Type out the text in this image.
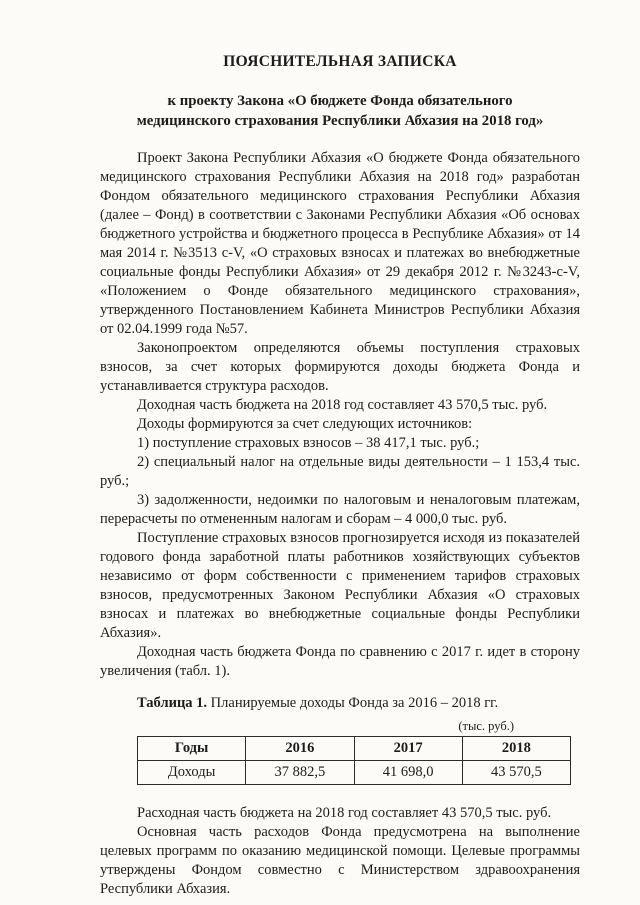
ПОЯСНИТЕЛЬНАЯ ЗАПИСКА
к проекту Закона «О бюджете Фонда обязательного
медицинского страхования Республики Абхазия на 2018 год»

Проект Закона Республики Абхазия «О бюджете Фонда обязательного медицинского страхования Республики Абхазия на 2018 год» разработан Фондом обязательного медицинского страхования Республики Абхазия (далее – Фонд) в соответствии с Законами Республики Абхазия «Об основах бюджетного устройства и бюджетного процесса в Республике Абхазия» от 14 мая 2014 г. №3513 с-V, «О страховых взносах и платежах во внебюджетные социальные фонды Республики Абхазия» от 29 декабря 2012 г. №3243-с-V, «Положением о Фонде обязательного медицинского страхования», утвержденного Постановлением Кабинета Министров Республики Абхазия от 02.04.1999 года №57.

Законопроектом определяются объемы поступления страховых взносов, за счет которых формируются доходы бюджета Фонда и устанавливается структура расходов.

Доходная часть бюджета на 2018 год составляет 43 570,5 тыс. руб.

Доходы формируются за счет следующих источников:

1) поступление страховых взносов – 38 417,1 тыс. руб.;

2) специальный налог на отдельные виды деятельности – 1 153,4 тыс. руб.;

3) задолженности, недоимки по налоговым и неналоговым платежам, перерасчеты по отмененным налогам и сборам – 4 000,0 тыс. руб.

Поступление страховых взносов прогнозируется исходя из показателей годового фонда заработной платы работников хозяйствующих субъектов независимо от форм собственности с применением тарифов страховых взносов, предусмотренных Законом Республики Абхазия «О страховых взносах и платежах во внебюджетные социальные фонды Республики Абхазия».

Доходная часть бюджета Фонда по сравнению с 2017 г. идет в сторону увеличения (табл. 1).

Таблица 1. Планируемые доходы Фонда за 2016 – 2018 гг.

(тыс. руб.)
Годы	2016	2017	2018
Доходы	37 882,5	41 698,0	43 570,5

Расходная часть бюджета на 2018 год составляет 43 570,5 тыс. руб.

Основная часть расходов Фонда предусмотрена на выполнение целевых программ по оказанию медицинской помощи. Целевые программы утверждены Фондом совместно с Министерством здравоохранения Республики Абхазия.
